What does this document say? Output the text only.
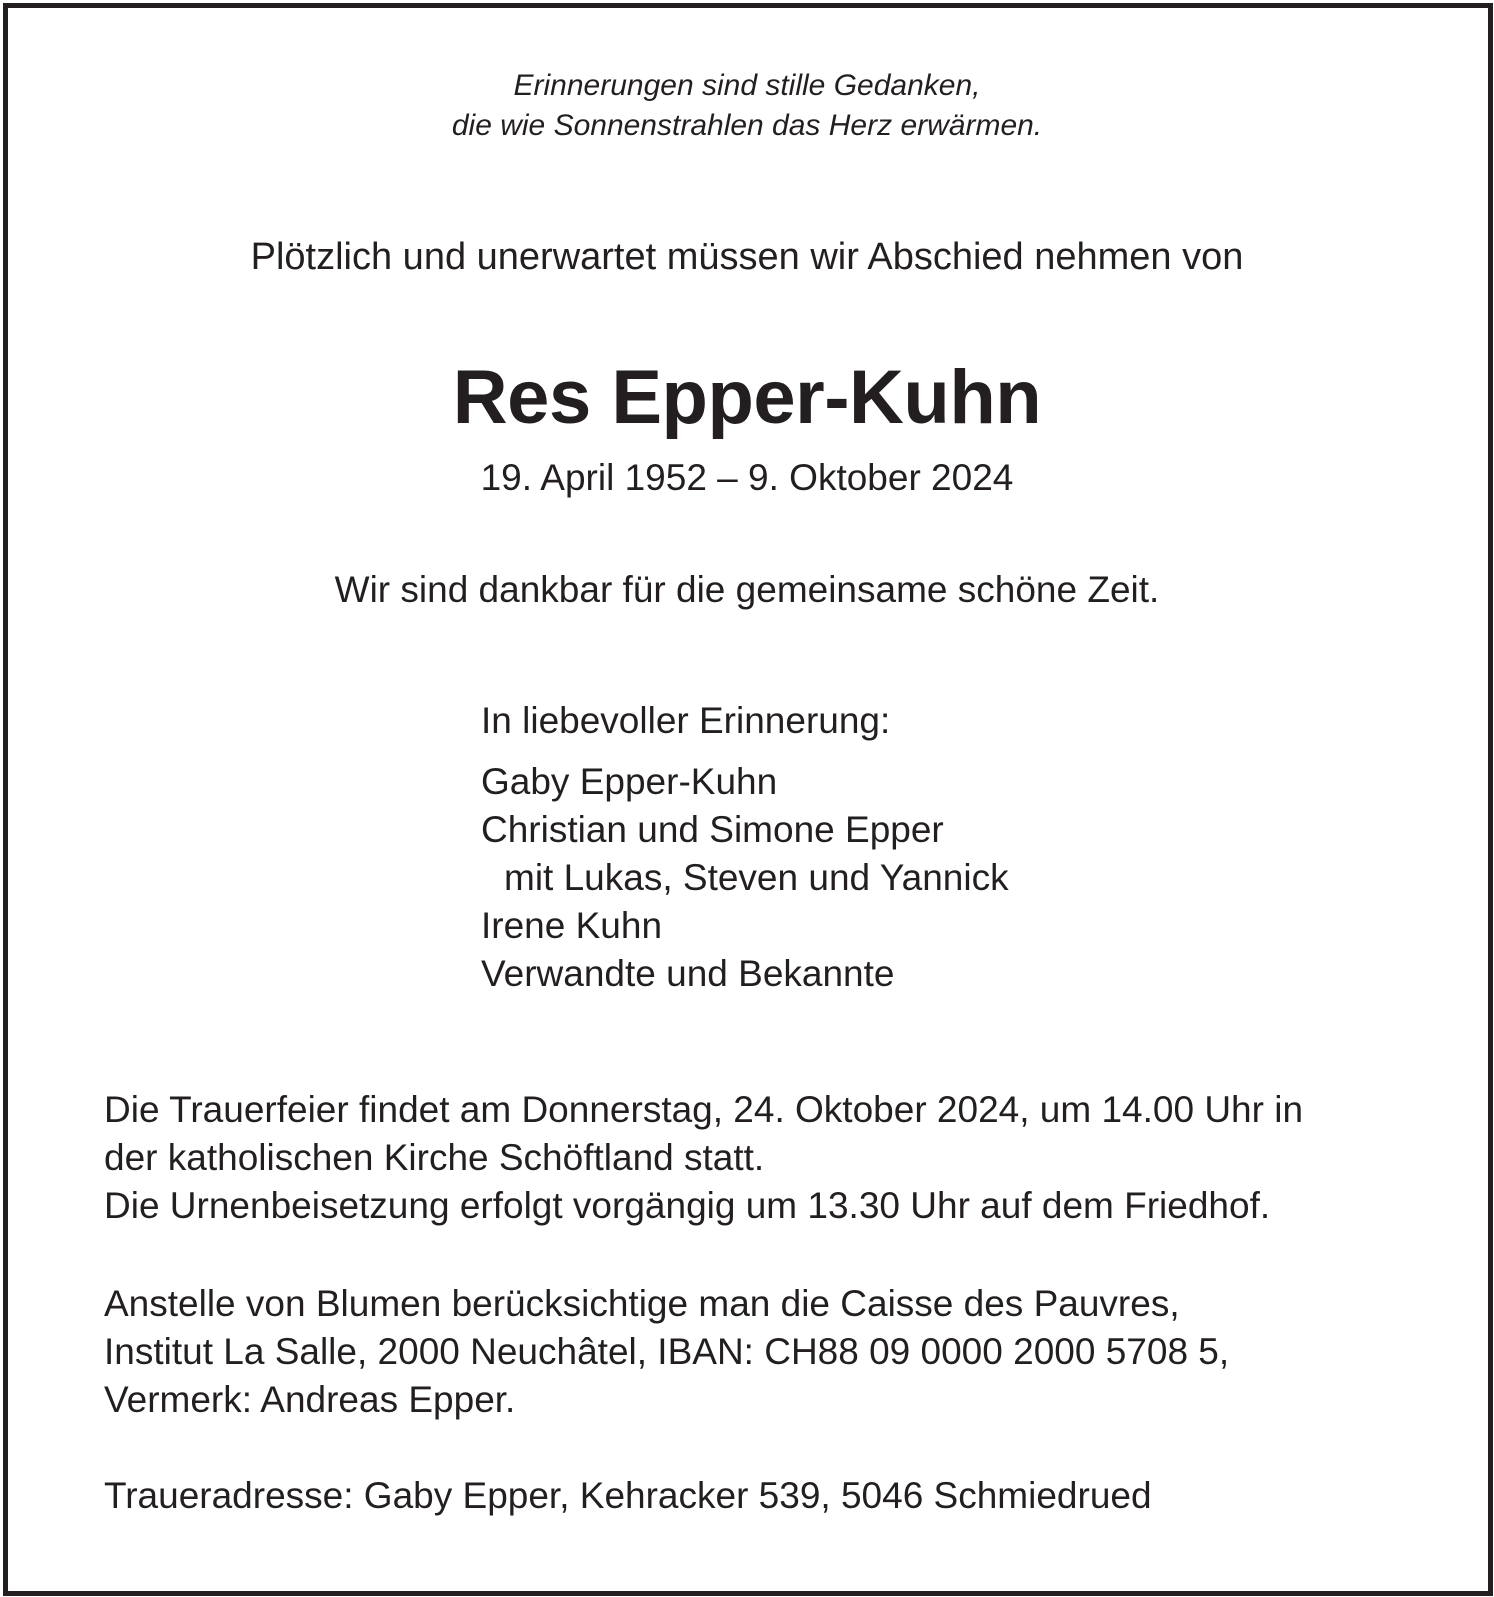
Erinnerungen sind stille Gedanken,

die wie Sonnenstrahlen das Herz erwärmen.

Plötzlich und unerwartet müssen wir Abschied nehmen von

Res Epper-Kuhn

19. April 1952 – 9. Oktober 2024

Wir sind dankbar für die gemeinsame schöne Zeit.

In liebevoller Erinnerung:

Gaby Epper-Kuhn

Christian und Simone Epper

mit Lukas, Steven und Yannick

Irene Kuhn

Verwandte und Bekannte

Die Trauerfeier findet am Donnerstag, 24. Oktober 2024, um 14.00 Uhr in

der katholischen Kirche Schöftland statt.

Die Urnenbeisetzung erfolgt vorgängig um 13.30 Uhr auf dem Friedhof.

Anstelle von Blumen berücksichtige man die Caisse des Pauvres,

Institut La Salle, 2000 Neuchâtel, IBAN: CH88 09 0000 2000 5708 5,

Vermerk: Andreas Epper.

Traueradresse: Gaby Epper, Kehracker 539, 5046 Schmiedrued
